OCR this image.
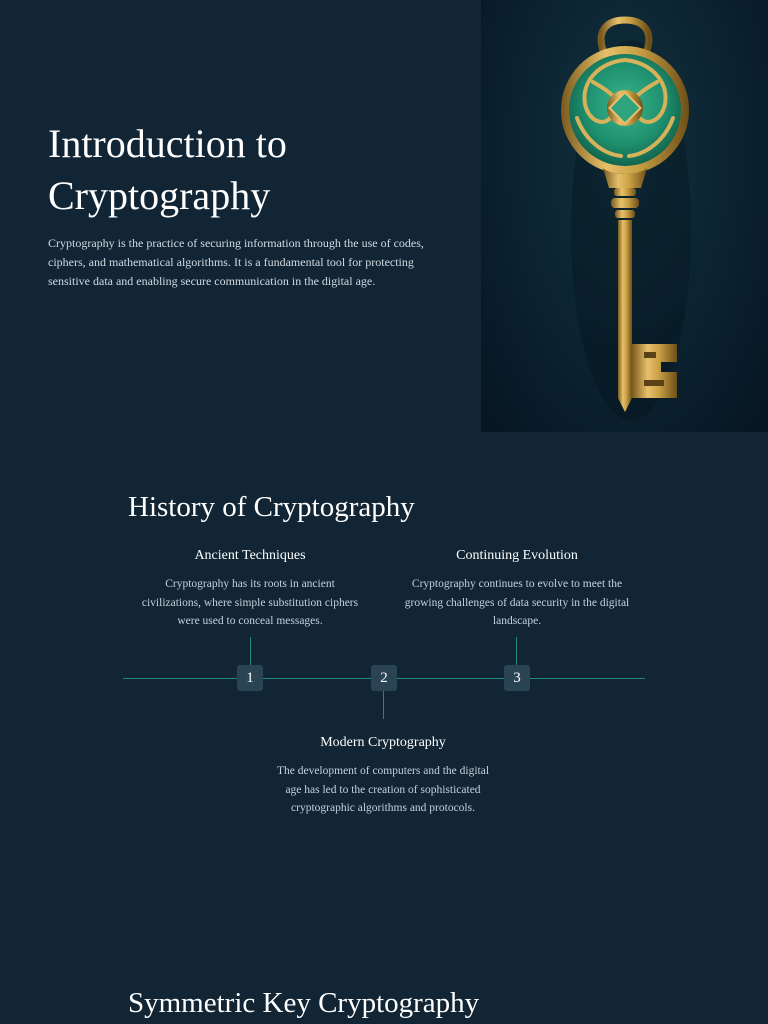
Introduction to Cryptography

Cryptography is the practice of securing information through the use of codes, ciphers, and mathematical algorithms. It is a fundamental tool for protecting sensitive data and enabling secure communication in the digital age.

History of Cryptography
Ancient Techniques

Cryptography has its roots in ancient civilizations, where simple substitution ciphers were used to conceal messages.

Continuing Evolution

Cryptography continues to evolve to meet the growing challenges of data security in the digital landscape.

Modern Cryptography

The development of computers and the digital age has led to the creation of sophisticated cryptographic algorithms and protocols.

1	2	3
Symmetric Key Cryptography
